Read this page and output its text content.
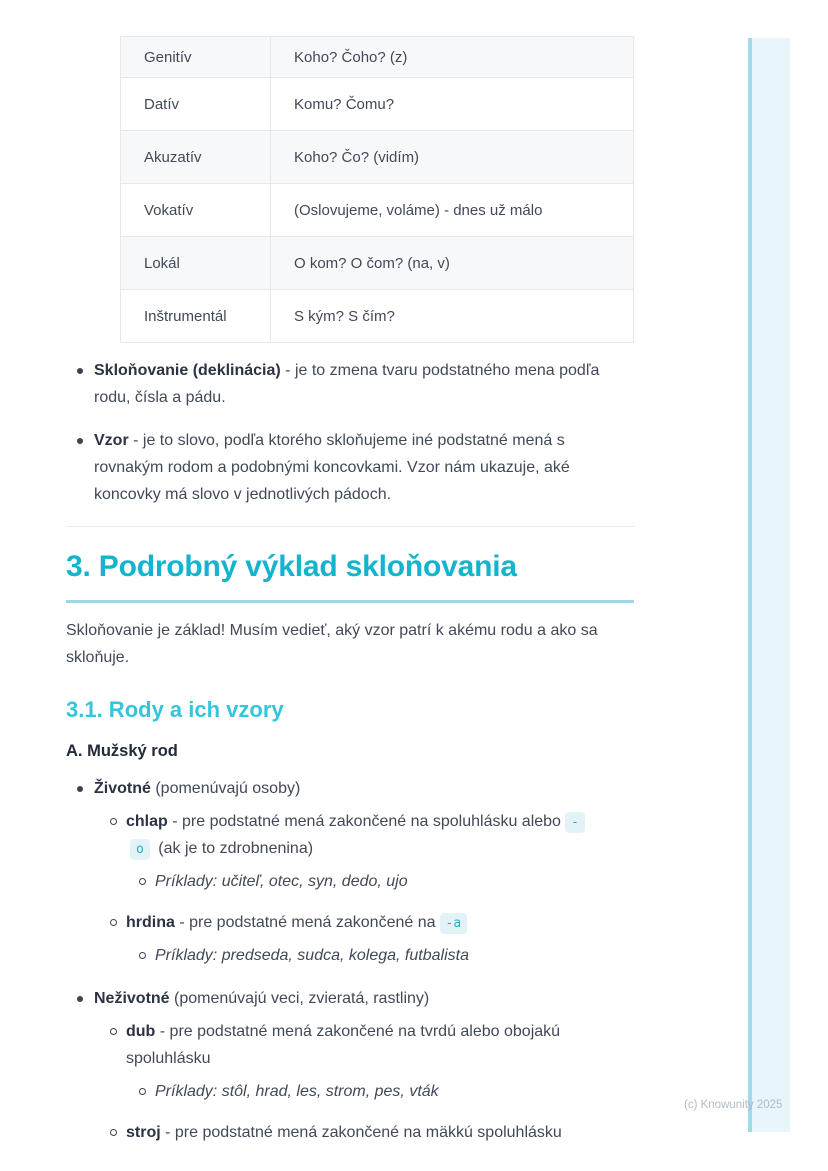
(c) Knowunity 2025
Genitív	Koho? Čoho? (z)
Datív	Komu? Čomu?
Akuzatív	Koho? Čo? (vidím)
Vokatív	(Oslovujeme, voláme) - dnes už málo
Lokál	O kom? O čom? (na, v)
Inštrumentál	S kým? S čím?
Skloňovanie (deklinácia) - je to zmena tvaru podstatného mena podľa rodu, čísla a pádu.
Vzor - je to slovo, podľa ktorého skloňujeme iné podstatné mená s rovnakým rodom a podobnými koncovkami. Vzor nám ukazuje, aké koncovky má slovo v jednotlivých pádoch.
3. Podrobný výklad skloňovania

Skloňovanie je základ! Musím vedieť, aký vzor patrí k akému rodu a ako sa skloňuje.

3.1. Rody a ich vzory
A. Mužský rod
Životné (pomenúvajú osoby)
chlap - pre podstatné mená zakončené na spoluhlásku alebo -
o (ak je to zdrobnenina)
Príklady: učiteľ, otec, syn, dedo, ujo
hrdina - pre podstatné mená zakončené na -a
Príklady: predseda, sudca, kolega, futbalista
Neživotné (pomenúvajú veci, zvieratá, rastliny)
dub - pre podstatné mená zakončené na tvrdú alebo obojakú spoluhlásku
Príklady: stôl, hrad, les, strom, pes, vták
stroj - pre podstatné mená zakončené na mäkkú spoluhlásku
